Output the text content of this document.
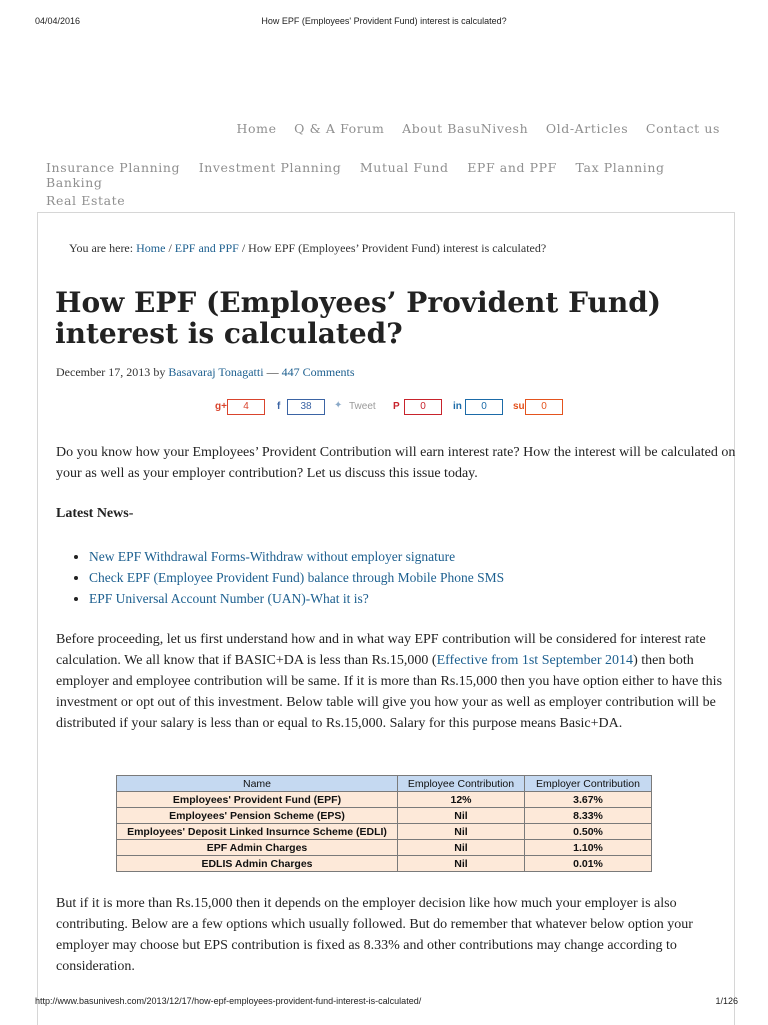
04/04/2016	How EPF (Employees' Provident Fund) interest is calculated?
Home Q & A Forum About BasuNivesh Old-Articles Contact us
Insurance Planning Investment Planning Mutual Fund EPF and PPF Tax Planning Banking
Real Estate
You are here: Home / EPF and PPF / How EPF (Employees’ Provident Fund) interest is calculated?
How EPF (Employees’ Provident Fund) interest is calculated?
December 17, 2013 by Basavaraj Tonagatti — 447 Comments
g+	4	f	38	✦ Tweet P	0	in	0	su	0

Do you know how your Employees’ Provident Contribution will earn interest rate? How the interest will be calculated on your as well as your employer contribution? Let us discuss this issue today.

Latest News-
• New EPF Withdrawal Forms-Withdraw without employer signature
• Check EPF (Employee Provident Fund) balance through Mobile Phone SMS
• EPF Universal Account Number (UAN)-What it is?

Before proceeding, let us first understand how and in what way EPF contribution will be considered for interest rate calculation. We all know that if BASIC+DA is less than Rs.15,000 (Effective from 1st September 2014) then both employer and employee contribution will be same. If it is more than Rs.15,000 then you have option either to have this investment or opt out of this investment. Below table will give you how your as well as employer contribution will be distributed if your salary is less than or equal to Rs.15,000. Salary for this purpose means Basic+DA.

Name	Employee Contribution	Employer Contribution
Employees' Provident Fund (EPF)	12%	3.67%
Employees' Pension Scheme (EPS)	Nil	8.33%
Employees' Deposit Linked Insurnce Scheme (EDLI)	Nil	0.50%
EPF Admin Charges	Nil	1.10%
EDLIS Admin Charges	Nil	0.01%

But if it is more than Rs.15,000 then it depends on the employer decision like how much your employer is also contributing. Below are a few options which usually followed. But do remember that whatever below option your employer may choose but EPS contribution is fixed as 8.33% and other contributions may change according to consideration.

http://www.basunivesh.com/2013/12/17/how-epf-employees-provident-fund-interest-is-calculated/	1/126
